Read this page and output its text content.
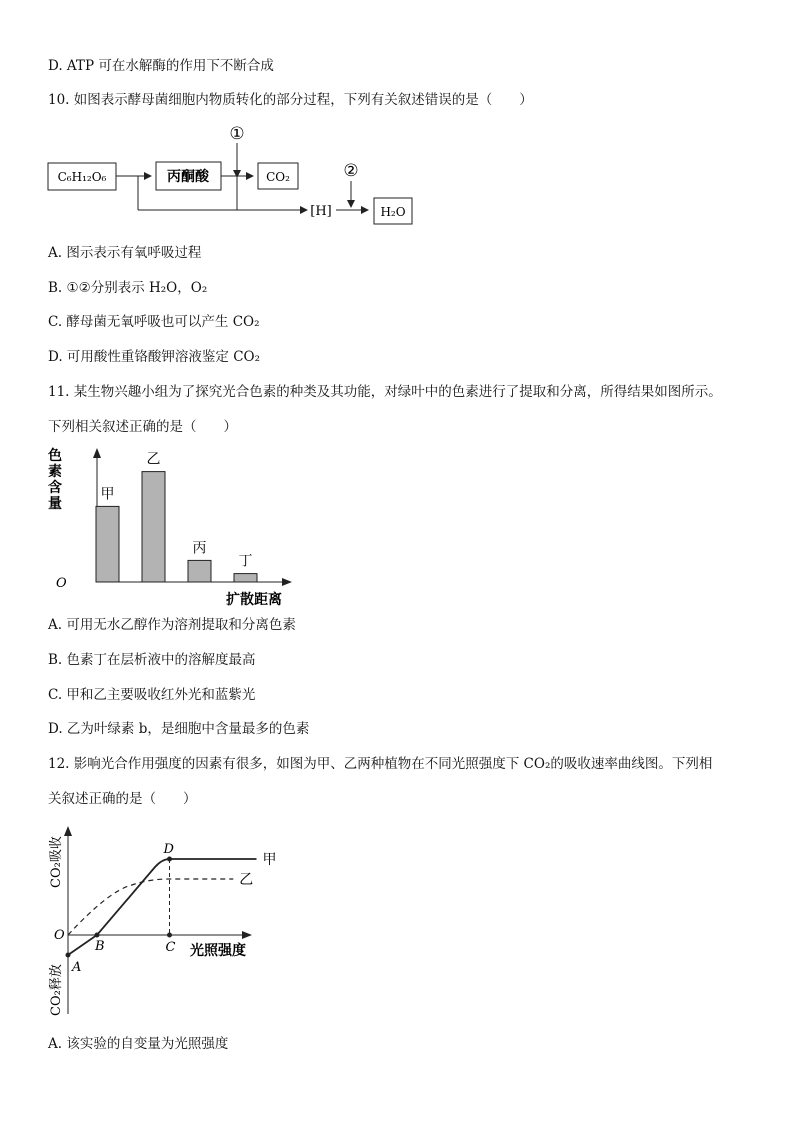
D. ATP 可在水解酶的作用下不断合成
10. 如图表示酵母菌细胞内物质转化的部分过程，下列有关叙述错误的是（　　）
①
C₆H₁₂O₆	丙酮酸	CO₂
[H]
②
H₂O
A. 图示表示有氧呼吸过程
B. ①②分别表示 H₂O，O₂
C. 酵母菌无氧呼吸也可以产生 CO₂
D. 可用酸性重铬酸钾溶液鉴定 CO₂
11. 某生物兴趣小组为了探究光合色素的种类及其功能，对绿叶中的色素进行了提取和分离，所得结果如图所示。
下列相关叙述正确的是（　　）
色素含量
O
扩散距离
甲
乙
丙
丁
A. 可用无水乙醇作为溶剂提取和分离色素
B. 色素丁在层析液中的溶解度最高
C. 甲和乙主要吸收红外光和蓝紫光
D. 乙为叶绿素 b，是细胞中含量最多的色素
12. 影响光合作用强度的因素有很多，如图为甲、乙两种植物在不同光照强度下 CO₂的吸收速率曲线图。下列相
关叙述正确的是（　　）
CO₂吸收
CO₂释放
O
光照强度
A
B	C
D
甲
乙
A. 该实验的自变量为光照强度
